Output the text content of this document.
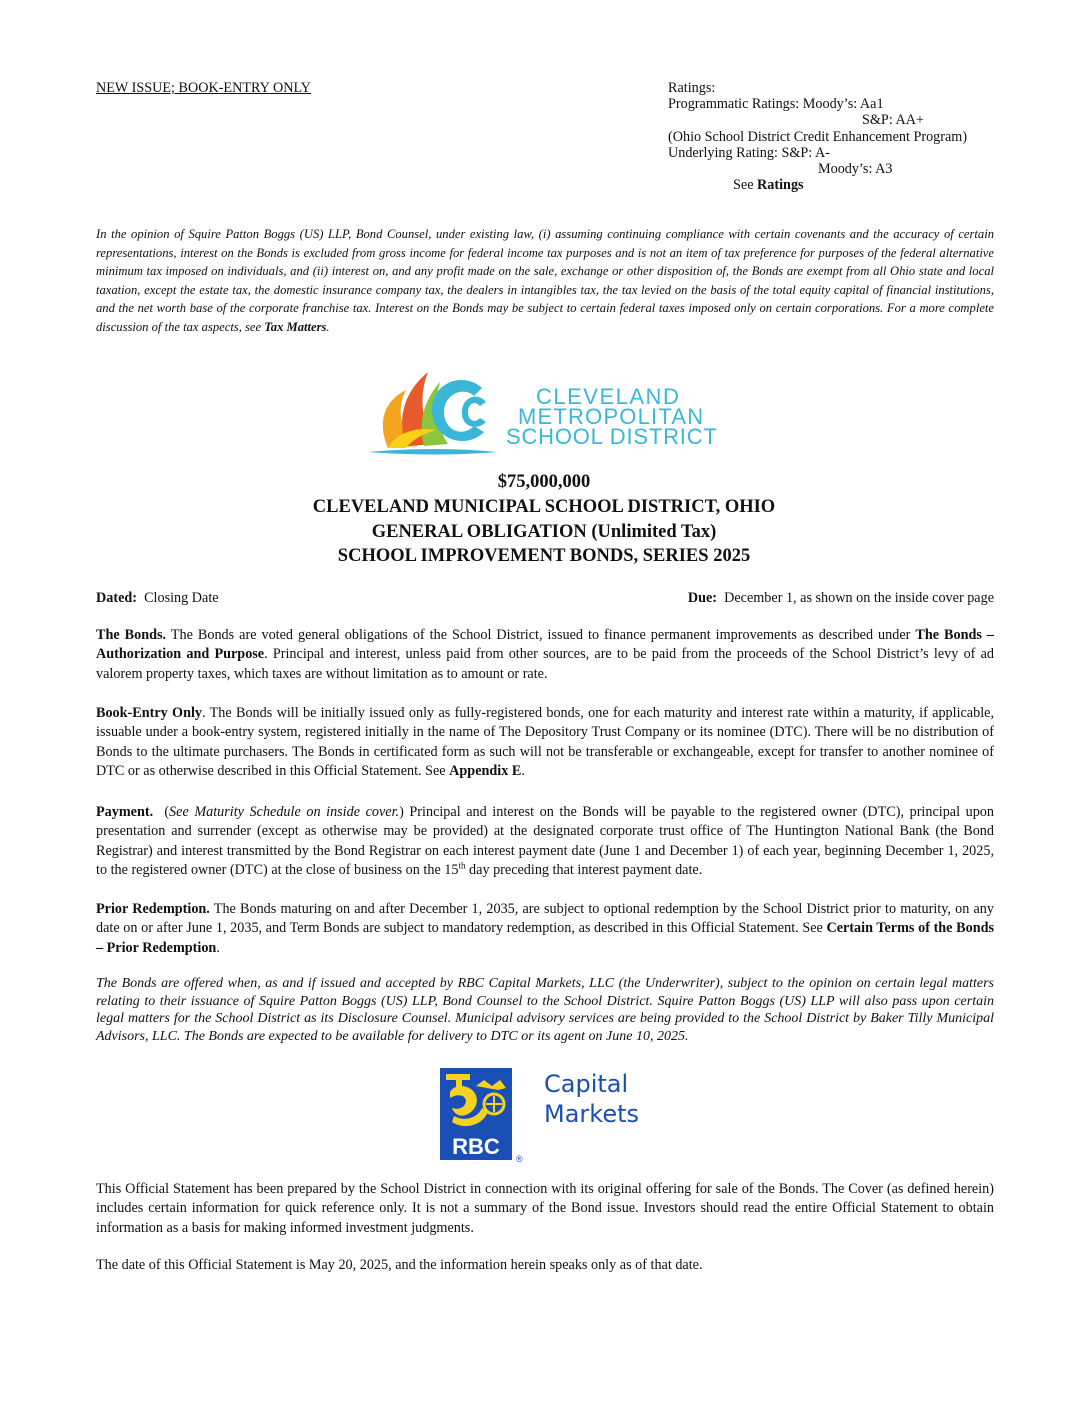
NEW ISSUE; BOOK-ENTRY ONLY	Ratings:
Programmatic Ratings: Moody’s: Aa1
S&P: AA+
(Ohio School District Credit Enhancement Program)
Underlying Rating: S&P: A-
Moody’s: A3
See Ratings
In the opinion of Squire Patton Boggs (US) LLP, Bond Counsel, under existing law, (i) assuming continuing compliance with certain covenants and the accuracy of certain representations, interest on the Bonds is excluded from gross income for federal income tax purposes and is not an item of tax preference for purposes of the federal alternative minimum tax imposed on individuals, and (ii) interest on, and any profit made on the sale, exchange or other disposition of, the Bonds are exempt from all Ohio state and local taxation, except the estate tax, the domestic insurance company tax, the dealers in intangibles tax, the tax levied on the basis of the total equity capital of financial institutions, and the net worth base of the corporate franchise tax. Interest on the Bonds may be subject to certain federal taxes imposed only on certain corporations. For a more complete discussion of the tax aspects, see Tax Matters.
CLEVELAND
METROPOLITAN
SCHOOL DISTRICT
$75,000,000
CLEVELAND MUNICIPAL SCHOOL DISTRICT, OHIO
GENERAL OBLIGATION (Unlimited Tax)
SCHOOL IMPROVEMENT BONDS, SERIES 2025
Dated: Closing Date	Due: December 1, as shown on the inside cover page
The Bonds. The Bonds are voted general obligations of the School District, issued to finance permanent improvements as described under The Bonds – Authorization and Purpose. Principal and interest, unless paid from other sources, are to be paid from the proceeds of the School District’s levy of ad valorem property taxes, which taxes are without limitation as to amount or rate.
Book-Entry Only. The Bonds will be initially issued only as fully-registered bonds, one for each maturity and interest rate within a maturity, if applicable, issuable under a book-entry system, registered initially in the name of The Depository Trust Company or its nominee (DTC). There will be no distribution of Bonds to the ultimate purchasers. The Bonds in certificated form as such will not be transferable or exchangeable, except for transfer to another nominee of DTC or as otherwise described in this Official Statement. See Appendix E.
Payment.  (See Maturity Schedule on inside cover.) Principal and interest on the Bonds will be payable to the registered owner (DTC), principal upon presentation and surrender (except as otherwise may be provided) at the designated corporate trust office of The Huntington National Bank (the Bond Registrar) and interest transmitted by the Bond Registrar on each interest payment date (June 1 and December 1) of each year, beginning December 1, 2025, to the registered owner (DTC) at the close of business on the 15th day preceding that interest payment date.
Prior Redemption. The Bonds maturing on and after December 1, 2035, are subject to optional redemption by the School District prior to maturity, on any date on or after June 1, 2035, and Term Bonds are subject to mandatory redemption, as described in this Official Statement. See Certain Terms of the Bonds – Prior Redemption.
The Bonds are offered when, as and if issued and accepted by RBC Capital Markets, LLC (the Underwriter), subject to the opinion on certain legal matters relating to their issuance of Squire Patton Boggs (US) LLP, Bond Counsel to the School District. Squire Patton Boggs (US) LLP will also pass upon certain legal matters for the School District as its Disclosure Counsel. Municipal advisory services are being provided to the School District by Baker Tilly Municipal Advisors, LLC. The Bonds are expected to be available for delivery to DTC or its agent on June 10, 2025.
RBC ®
Capital
Markets
This Official Statement has been prepared by the School District in connection with its original offering for sale of the Bonds. The Cover (as defined herein) includes certain information for quick reference only. It is not a summary of the Bond issue. Investors should read the entire Official Statement to obtain information as a basis for making informed investment judgments.
The date of this Official Statement is May 20, 2025, and the information herein speaks only as of that date.
